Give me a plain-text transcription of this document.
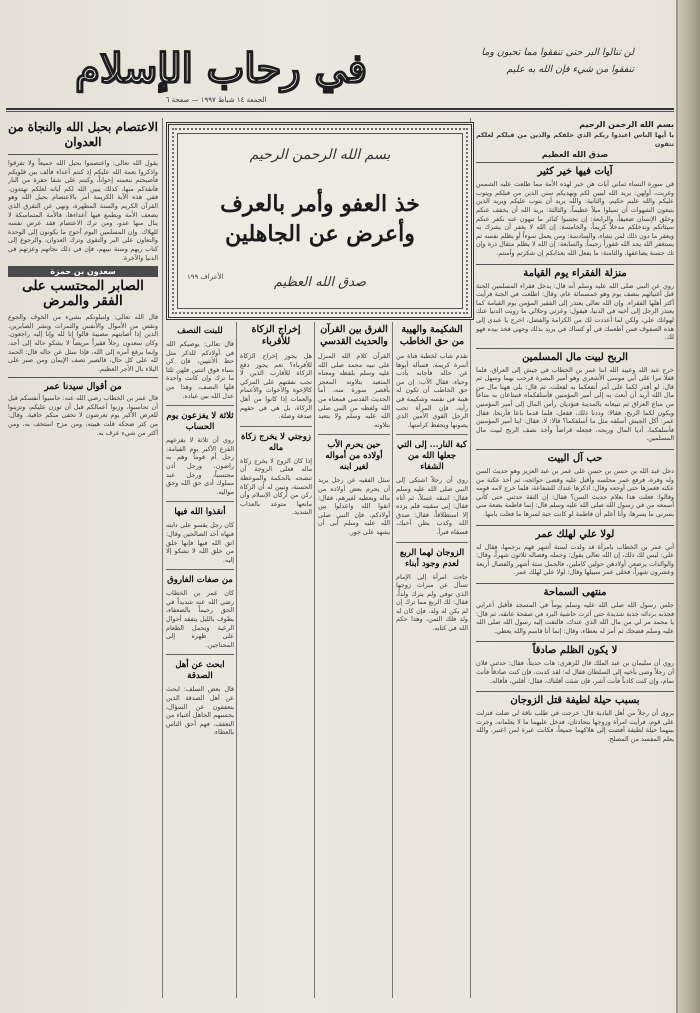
في رحاب الإسلام
الجمعة ١٤ شباط ١٩٩٧ — صفحة ٦
لن تنالوا البر حتى تنفقوا مما تحبون وما تنفقوا من شيء فإن الله به عليم
بسم الله الرحمن الرحيم

يا أيها الناس اعبدوا ربكم الذي خلقكم والذين من قبلكم لعلكم تتقون

صدق الله العظيم
آيات فيها خير كثير

في سورة النساء ثماني آيات هن خير لهذه الأمة مما طلعت عليه الشمس وغربت، أولهن: يريد الله ليبين لكم ويهديكم سنن الذين من قبلكم ويتوب عليكم والله عليم حكيم، والثانية: والله يريد أن يتوب عليكم ويريد الذين يتبعون الشهوات أن تميلوا ميلاً عظيماً، والثالثة: يريد الله أن يخفف عنكم وخلق الإنسان ضعيفاً، والرابعة: إن تجتنبوا كبائر ما تنهون عنه نكفر عنكم سيئاتكم وندخلكم مدخلاً كريماً، والخامسة: إن الله لا يغفر أن يشرك به ويغفر ما دون ذلك لمن يشاء، والسادسة: ومن يعمل سوءاً أو يظلم نفسه ثم يستغفر الله يجد الله غفوراً رحيماً، والسابعة: إن الله لا يظلم مثقال ذرة وإن تك حسنة يضاعفها، والثامنة: ما يفعل الله بعذابكم إن شكرتم وآمنتم.

منزلة الفقراء يوم القيامة

روي عن النبي صلى الله عليه وسلم أنه قال: يدخل فقراء المسلمين الجنة قبل أغنيائهم بنصف يوم وهو خمسمائة عام، وقال: اطلعت في الجنة فرأيت أكثر أهلها الفقراء. وإن الله تعالى يعتذر إلى الفقير المؤمن يوم القيامة كما يعتذر الرجل إلى أخيه في الدنيا، فيقول: وعزتي وجلالي ما زويت الدنيا عنك لهوانك علي، ولكن لما أعددت لك من الكرامة والفضل، اخرج يا عبدي إلى هذه الصفوف فمن أطعمك في أو كساك في يريد بذلك وجهي فخذ بيده فهو لك.

الربح لبيت مال المسلمين

خرج عبد الله وعبيد الله ابنا عمر بن الخطاب في جيش إلى العراق، فلما قفلا مرا على أبي موسى الأشعري وهو أمير البصرة فرحب بهما وسهل ثم قال: لو أقدر لكما على أمر أنفعكما به لفعلت، ثم قال: بلى ههنا مال من مال الله أريد أن أبعث به إلى أمير المؤمنين فأسلفكماه فتبتاعان به متاعاً من متاع العراق ثم تبيعانه بالمدينة فتؤديان رأس المال إلى أمير المؤمنين ويكون لكما الربح، فقالا: وددنا ذلك، ففعل، فلما قدما باعا فأربحا، فقال عمر: أكل الجيش أسلفه مثل ما أسلفكما؟ قالا: لا، فقال: ابنا أمير المؤمنين فأسلفكما، أديا المال وربحه، فجعله قراضاً وأخذ نصف الربح لبيت مال المسلمين.

حب آل البيت

دخل عبد الله بن حسن بن حسن على عمر بن عبد العزيز وهو حديث السن وله وفرة، فرفع عمر مجلسه وأقبل عليه وقضى حوائجه، ثم أخذ عكنة من عكنه فغمزها حتى أوجعه وقال: اذكرها عندك للشفاعة، فلما خرج لامه قومه وقالوا: فعلت هذا بغلام حديث السن؟ فقال: إن الثقة حدثني حتى كأني أسمعه من في رسول الله صلى الله عليه وسلم قال: إنما فاطمة بضعة مني يسرني ما يسرها، وأنا أعلم أن فاطمة لو كانت حية لسرها ما فعلت بابنها.

لولا علي لهلك عمر

أتي عمر بن الخطاب بامرأة قد ولدت لستة أشهر فهم برجمها، فقال له علي: ليس لك ذلك، إن الله تعالى يقول: وحمله وفصاله ثلاثون شهراً، وقال: والوالدات يرضعن أولادهن حولين كاملين، فالحمل ستة أشهر والفصال أربعة وعشرون شهراً، فخلى عمر سبيلها وقال: لولا علي لهلك عمر.

منتهى السماحة

جلس رسول الله صلى الله عليه وسلم يوماً في المسجد فأقبل أعرابي فجذبه بردائه جذبة شديدة حتى أثرت حاشية البرد في صفحة عاتقه، ثم قال: يا محمد مر لي من مال الله الذي عندك، فالتفت إليه رسول الله صلى الله عليه وسلم فضحك ثم أمر له بعطاء، وقال: إنما أنا قاسم والله يعطي.

لا يكون الظلم صادقاً

روي أن سليمان بن عبد الملك قال للزهري: هات حديثاً، فقال: حدثني فلان أن رجلاً وشى بأخيه إلى السلطان فقال له: لقد كذبت، فإن كنت صادقاً فأنت نمام، وإن كنت كاذباً فأنت أشر، فإن شئت أقلناك، فقال: أقلني، فأقاله.

بسبب حيلة لطيفة قتل الزوجان

يروى أن رجلاً من أهل البادية قال: خرجت في طلب ناقة لي ضلت فنزلت على قوم، فرأيت امرأة وزوجها يتحادثان، فدخل عليهما ما لا يعلمانه، وجرت بينهما حيلة لطيفة أفضت إلى هلاكهما جميعاً، فكانت عبرة لمن اعتبر، والله يعلم المفسد من المصلح.

بسم الله الرحمن الرحيم
خذ العفو وأمر بالعرف وأعرض عن الجاهلين
الأعراف ١٩٩	صدق الله العظيم
الشكيمة والهيبة من حق الخاطب

تقدم شاب لخطبة فتاة من أسرة كريمة، فسأله أبوها عن حاله فأجابه بأدب وحياء، فقال الأب: إن من حق الخاطب أن تكون له هيبة في نفسه وشكيمة في رأيه، فإن المرأة تحب الرجل القوي الأمين الذي يصونها ويحفظ كرامتها.

كبة النار... إلى التي جعلها الله من الشفاء

روي أن رجلاً اشتكى إلى النبي صلى الله عليه وسلم فقال: اسقه عسلاً، ثم أتاه فقال: إني سقيته فلم يزده إلا استطلاقاً، فقال: صدق الله وكذب بطن أخيك، فسقاه فبرأ.

الزوجان لهما الربع لعدم وجود أبناء

جاءت امرأة إلى الإمام تسأل عن ميراث زوجها الذي توفي ولم يترك ولداً، فقال: لك الربع مما ترك إن لم يكن له ولد، فإن كان له ولد فلك الثمن، وهذا حكم الله في كتابه.

الفرق بين القرآن والحديث القدسي

القرآن كلام الله المنزل على نبيه محمد صلى الله عليه وسلم بلفظه ومعناه المتعبد بتلاوته المعجز بأقصر سورة منه، أما الحديث القدسي فمعناه من الله ولفظه من النبي صلى الله عليه وسلم ولا يتعبد بتلاوته.

حين يحرم الأب أولاده من أمواله لغير ابنه

سئل الفقيه عن رجل يريد أن يحرم بعض أولاده من ماله ويعطيه لغيرهم، فقال: اتقوا الله واعدلوا بين أولادكم، فإن النبي صلى الله عليه وسلم أبى أن يشهد على جور.

إخراج الزكاة للأقرباء

هل يجوز إخراج الزكاة للأقرباء؟ نعم يجوز دفع الزكاة للأقارب الذين لا تجب نفقتهم على المزكي كالإخوة والأخوات والأعمام والعمات إذا كانوا من أهل الزكاة، بل هي في حقهم صدقة وصلة.

زوجتي لا يخرج زكاة ماله

إذا كان الزوج لا يخرج زكاة ماله فعلى الزوجة أن تنصحه بالحكمة والموعظة الحسنة، وتبين له أن الزكاة ركن من أركان الإسلام وأن مانعها متوعد بالعذاب الشديد.

للبنت النصف

قال تعالى: يوصيكم الله في أولادكم للذكر مثل حظ الأنثيين، فإن كن نساء فوق اثنتين فلهن ثلثا ما ترك وإن كانت واحدة فلها النصف، وهذا من عدل الله بين عباده.

ثلاثة لا يفزعون يوم الحساب

روي أن ثلاثة لا يفزعهم الفزع الأكبر يوم القيامة: رجل أم قوماً وهم به راضون، ورجل أذن محتسباً، ورجل عبد مملوك أدى حق الله وحق مواليه.

أنقذوا الله فيها

كان رجل يقسو على دابته فنهاه أحد الصالحين وقال: اتق الله فيها فإنها خلق من خلق الله لا تشكو إلا إليه.

من صفات الفاروق

كان عمر بن الخطاب رضي الله عنه شديداً في الحق رحيماً بالضعفاء، يطوف بالليل يتفقد أحوال الرعية ويحمل الطعام على ظهره إلى المحتاجين.

ابحث عن أهل الصدقة

قال بعض السلف: ابحث عن أهل الصدقة الذين يتعففون عن السؤال، يحسبهم الجاهل أغنياء من التعفف، فهم أحق الناس بالعطاء.

الاعتصام بحبل الله والنجاة من العدوان

يقول الله تعالى: واعتصموا بحبل الله جميعاً ولا تفرقوا واذكروا نعمة الله عليكم إذ كنتم أعداء فألف بين قلوبكم فأصبحتم بنعمته إخواناً، وكنتم على شفا حفرة من النار فأنقذكم منها، كذلك يبين الله لكم آياته لعلكم تهتدون. ففي هذه الآية الكريمة أمر بالاعتصام بحبل الله وهو القرآن الكريم والسنة المطهرة، ونهي عن التفرق الذي يضعف الأمة ويطمع فيها أعداءها، فالأمة المتماسكة لا ينال منها عدو، ومن ترك الاعتصام فقد عرض نفسه للهلاك. وإن المسلمين اليوم أحوج ما يكونون إلى الوحدة والتعاون على البر والتقوى وترك العدوان، والرجوع إلى كتاب ربهم وسنة نبيهم، فإن في ذلك نجاتهم وعزتهم في الدنيا والآخرة.

سعدون بن حمزة
الصابر المحتسب على الفقر والمرض

قال الله تعالى: ولنبلونكم بشيء من الخوف والجوع ونقص من الأموال والأنفس والثمرات وبشر الصابرين، الذين إذا أصابتهم مصيبة قالوا إنا لله وإنا إليه راجعون. وكان سعدون رجلاً فقيراً مريضاً لا يشكو حاله إلى أحد، وإنما يرفع أمره إلى الله، فإذا سئل عن حاله قال: الحمد لله على كل حال، فالصبر نصف الإيمان ومن صبر على البلاء نال الأجر العظيم.

من أقوال سيدنا عمر

قال عمر بن الخطاب رضي الله عنه: حاسبوا أنفسكم قبل أن تحاسبوا، وزنوا أعمالكم قبل أن توزن عليكم، وتزينوا للعرض الأكبر يوم تعرضون لا تخفى منكم خافية. وقال: من كثر ضحكه قلت هيبته، ومن مزح استخف به، ومن أكثر من شيء عرف به.
